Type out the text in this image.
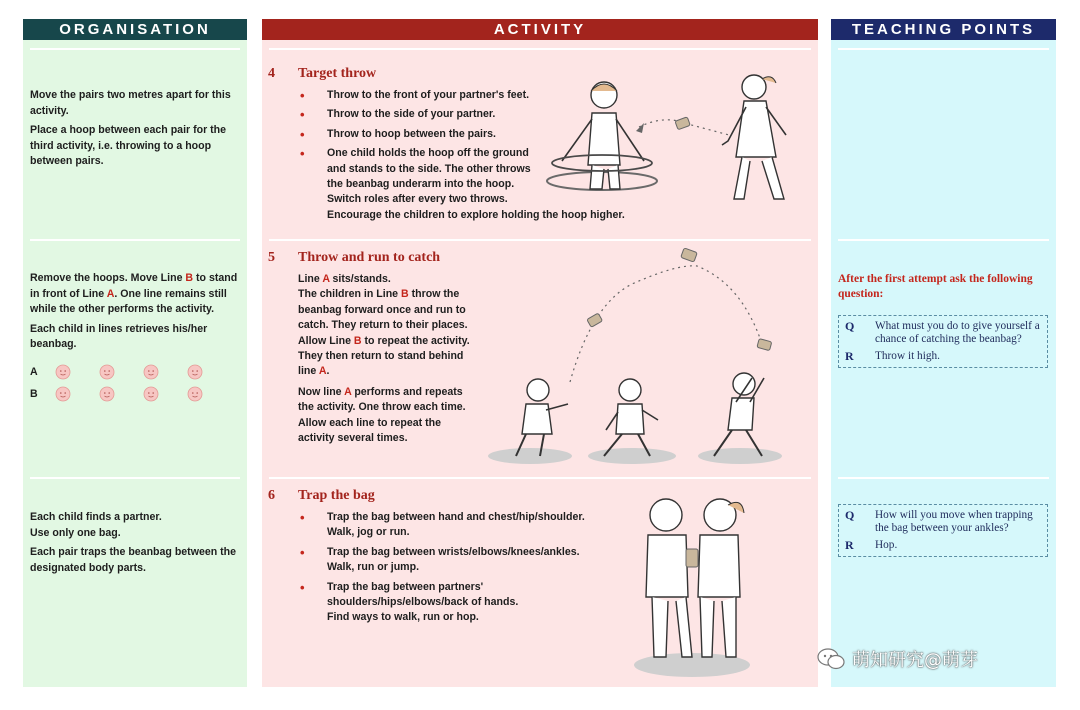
ORGANISATION

Move the pairs two metres apart for this activity.

Place a hoop between each pair for the third activity, i.e. throwing to a hoop between pairs.

Remove the hoops. Move Line B to stand in front of Line A. One line remains still while the other performs the activity.

Each child in lines retrieves his/her beanbag.

A
B

Each child finds a partner.

Use only one bag.

Each pair traps the beanbag between the designated body parts.

ACTIVITY
4 Target throw
• Throw to the front of your partner's feet.
• Throw to the side of your partner.
• Throw to hoop between the pairs.
• One child holds the hoop off the ground
and stands to the side. The other throws
the beanbag underarm into the hoop.
Switch roles after every two throws.
Encourage the children to explore holding the hoop higher.
5 Throw and run to catch

Line A sits/stands.

The children in Line B throw the beanbag forward once and run to catch. They return to their places. Allow Line B to repeat the activity. They then return to stand behind line A.

Now line A performs and repeats the activity. One throw each time. Allow each line to repeat the activity several times.

6 Trap the bag
• Trap the bag between hand and chest/hip/shoulder.
Walk, jog or run.
• Trap the bag between wrists/elbows/knees/ankles.
Walk, run or jump.
• Trap the bag between partners'
shoulders/hips/elbows/back of hands.
Find ways to walk, run or hop.
TEACHING POINTS
After the first attempt ask the following question:
Q	What must you do to give yourself a chance of catching the beanbag?
R	Throw it high.
Q	How will you move when trapping the bag between your ankles?
R	Hop.
萌知研究@萌芽
